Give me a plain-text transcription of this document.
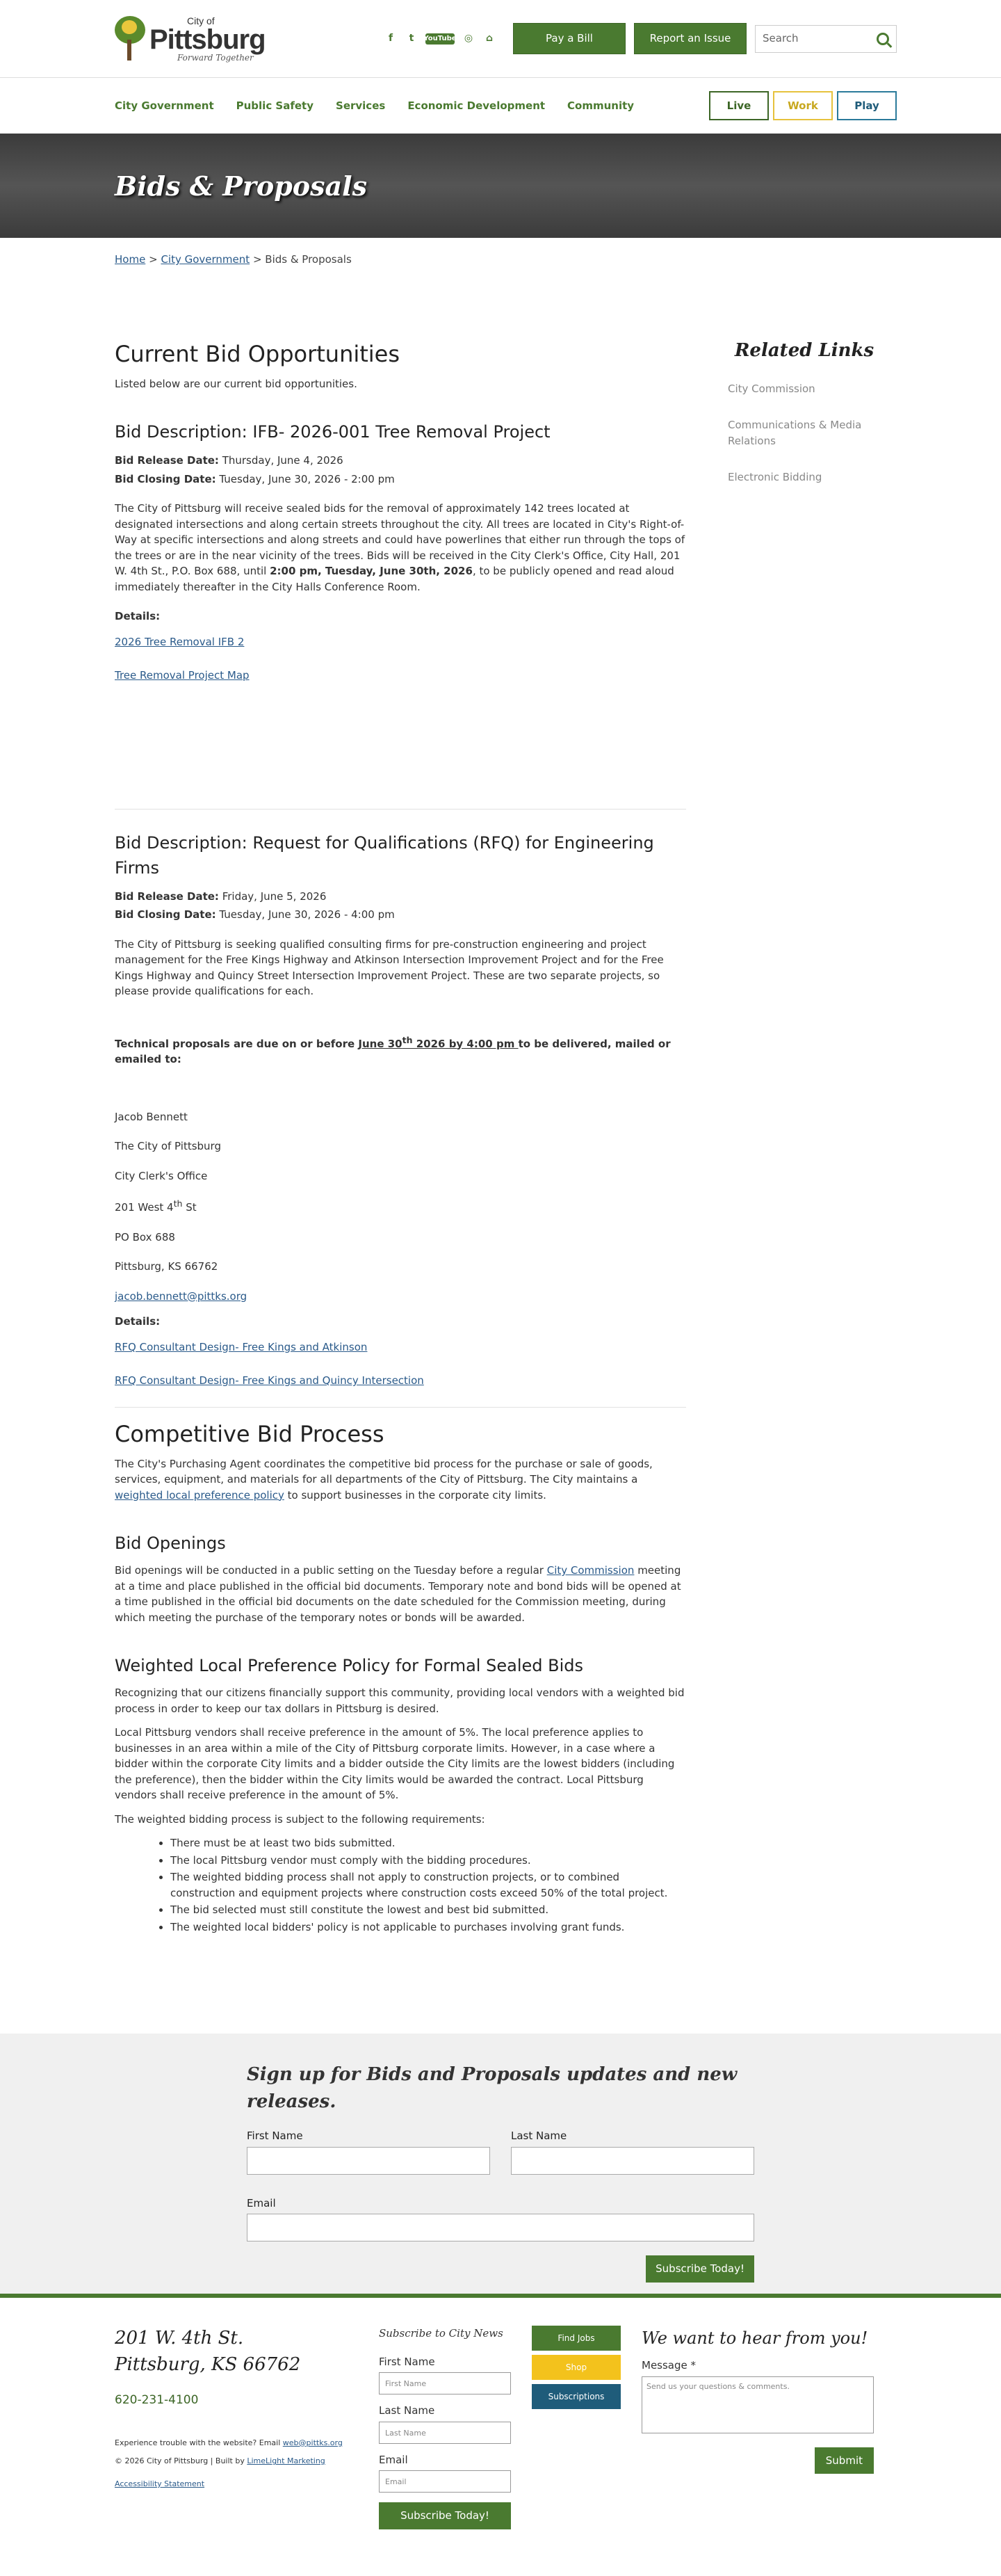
City of
Pittsburg
Forward Together
f	t	YouTube ◎	⌂	Pay a Bill	Report an Issue	Search
City Government Public Safety Services Economic Development Community	Live	Work	Play
Bids & Proposals
Home > City Government > Bids & Proposals
Current Bid Opportunities

Listed below are our current bid opportunities.

Bid Description: IFB- 2026-001 Tree Removal Project
Bid Release Date: Thursday, June 4, 2026
Bid Closing Date: Tuesday, June 30, 2026 - 2:00 pm

The City of Pittsburg will receive sealed bids for the removal of approximately 142 trees located at designated intersections and along certain streets throughout the city. All trees are located in City's Right-of-Way at specific intersections and along streets and could have powerlines that either run through the tops of the trees or are in the near vicinity of the trees. Bids will be received in the City Clerk's Office, City Hall, 201 W. 4th St., P.O. Box 688, until 2:00 pm, Tuesday, June 30th, 2026, to be publicly opened and read aloud immediately thereafter in the City Halls Conference Room.

Details:
2026 Tree Removal IFB 2
Tree Removal Project Map
Bid Description: Request for Qualifications (RFQ) for Engineering Firms
Bid Release Date: Friday, June 5, 2026
Bid Closing Date: Tuesday, June 30, 2026 - 4:00 pm

The City of Pittsburg is seeking qualified consulting firms for pre-construction engineering and project management for the Free Kings Highway and Atkinson Intersection Improvement Project and for the Free Kings Highway and Quincy Street Intersection Improvement Project. These are two separate projects, so please provide qualifications for each.

Technical proposals are due on or before June 30th 2026 by 4:00 pm to be delivered, mailed or emailed to:

Jacob Bennett
The City of Pittsburg
City Clerk's Office
201 West 4th St
PO Box 688
Pittsburg, KS 66762
jacob.bennett@pittks.org
Details:
RFQ Consultant Design- Free Kings and Atkinson
RFQ Consultant Design- Free Kings and Quincy Intersection
Competitive Bid Process

The City's Purchasing Agent coordinates the competitive bid process for the purchase or sale of goods, services, equipment, and materials for all departments of the City of Pittsburg. The City maintains a weighted local preference policy to support businesses in the corporate city limits.

Bid Openings

Bid openings will be conducted in a public setting on the Tuesday before a regular City Commission meeting at a time and place published in the official bid documents. Temporary note and bond bids will be opened at a time published in the official bid documents on the date scheduled for the Commission meeting, during which meeting the purchase of the temporary notes or bonds will be awarded.

Weighted Local Preference Policy for Formal Sealed Bids

Recognizing that our citizens financially support this community, providing local vendors with a weighted bid process in order to keep our tax dollars in Pittsburg is desired.

Local Pittsburg vendors shall receive preference in the amount of 5%. The local preference applies to businesses in an area within a mile of the City of Pittsburg corporate limits. However, in a case where a bidder within the corporate City limits and a bidder outside the City limits are the lowest bidders (including the preference), then the bidder within the City limits would be awarded the contract. Local Pittsburg vendors shall receive preference in the amount of 5%.

The weighted bidding process is subject to the following requirements:

• There must be at least two bids submitted.
• The local Pittsburg vendor must comply with the bidding procedures.
• The weighted bidding process shall not apply to construction projects, or to combined construction and equipment projects where construction costs exceed 50% of the total project.
• The bid selected must still constitute the lowest and best bid submitted.
• The weighted local bidders' policy is not applicable to purchases involving grant funds.
Related Links
City Commission
Communications & Media Relations
Electronic Bidding
Sign up for Bids and Proposals updates and new releases.
First Name	Last Name
Email
Subscribe Today!
201 W. 4th St.
Pittsburg, KS 66762
620-231-4100
Experience trouble with the website? Email web@pittks.org
© 2026 City of Pittsburg | Built by LimeLight Marketing
Accessibility Statement
Subscribe to City News
First Name
First Name
Last Name
Last Name
Email
Email
Subscribe Today!
Find Jobs
Shop
Subscriptions
We want to hear from you!
Message *
Send us your questions & comments.
Submit
